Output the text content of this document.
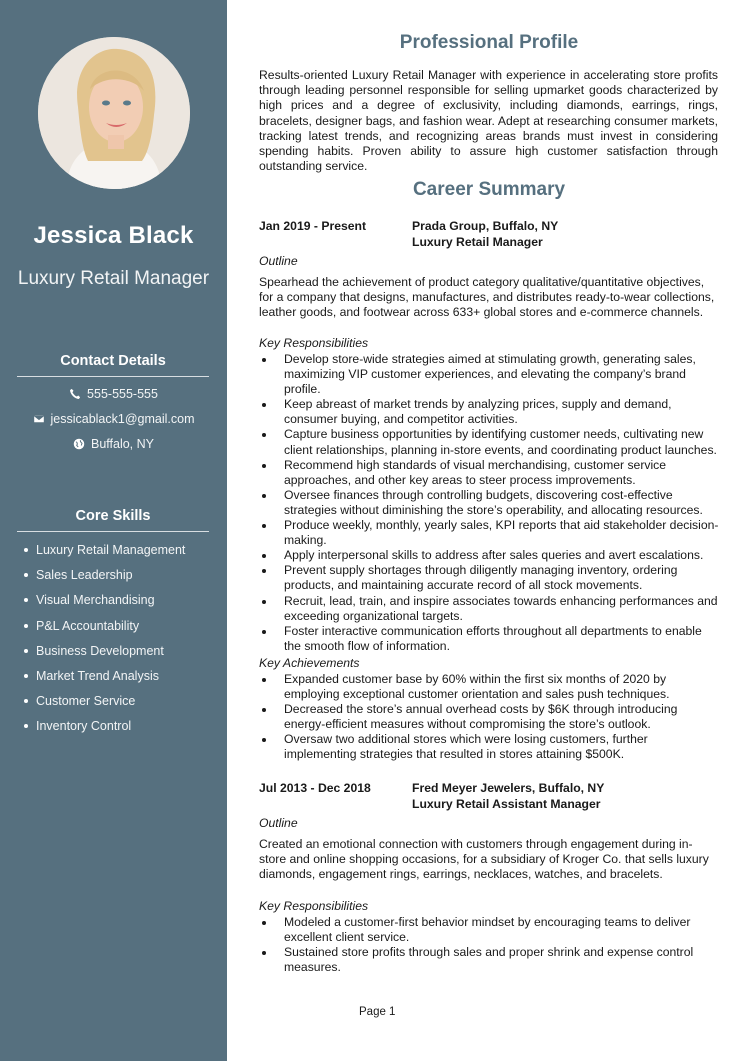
Jessica Black
Luxury Retail Manager
Contact Details
555-555-555
jessicablack1@gmail.com
Buffalo, NY
Core Skills
Luxury Retail Management
Sales Leadership
Visual Merchandising
P&L Accountability
Business Development
Market Trend Analysis
Customer Service
Inventory Control
Professional Profile

Results-oriented Luxury Retail Manager with experience in accelerating store profits through leading personnel responsible for selling upmarket goods characterized by high prices and a degree of exclusivity, including diamonds, earrings, rings, bracelets, designer bags, and fashion wear. Adept at researching consumer markets, tracking latest trends, and recognizing areas brands must invest in considering spending habits. Proven ability to assure high customer satisfaction through outstanding service.

Career Summary
Jan 2019 - Present	Prada Group, Buffalo, NY
Luxury Retail Manager
Outline

Spearhead the achievement of product category qualitative/quantitative objectives, for a company that designs, manufactures, and distributes ready-to-wear collections, leather goods, and footwear across 633+ global stores and e-commerce channels.

Key Responsibilities
Develop store-wide strategies aimed at stimulating growth, generating sales, maximizing VIP customer experiences, and elevating the company’s brand profile.
Keep abreast of market trends by analyzing prices, supply and demand, consumer buying, and competitor activities.
Capture business opportunities by identifying customer needs, cultivating new client relationships, planning in-store events, and coordinating product launches.
Recommend high standards of visual merchandising, customer service approaches, and other key areas to steer process improvements.
Oversee finances through controlling budgets, discovering cost-effective strategies without diminishing the store’s operability, and allocating resources.
Produce weekly, monthly, yearly sales, KPI reports that aid stakeholder decision-making.
Apply interpersonal skills to address after sales queries and avert escalations.
Prevent supply shortages through diligently managing inventory, ordering products, and maintaining accurate record of all stock movements.
Recruit, lead, train, and inspire associates towards enhancing performances and exceeding organizational targets.
Foster interactive communication efforts throughout all departments to enable the smooth flow of information.
Key Achievements
Expanded customer base by 60% within the first six months of 2020 by employing exceptional customer orientation and sales push techniques.
Decreased the store’s annual overhead costs by $6K through introducing energy-efficient measures without compromising the store’s outlook.
Oversaw two additional stores which were losing customers, further implementing strategies that resulted in stores attaining $500K.
Jul 2013 - Dec 2018	Fred Meyer Jewelers, Buffalo, NY
Luxury Retail Assistant Manager
Outline

Created an emotional connection with customers through engagement during in-store and online shopping occasions, for a subsidiary of Kroger Co. that sells luxury diamonds, engagement rings, earrings, necklaces, watches, and bracelets.

Key Responsibilities
Modeled a customer-first behavior mindset by encouraging teams to deliver excellent client service.
Sustained store profits through sales and proper shrink and expense control measures.
Page 1
